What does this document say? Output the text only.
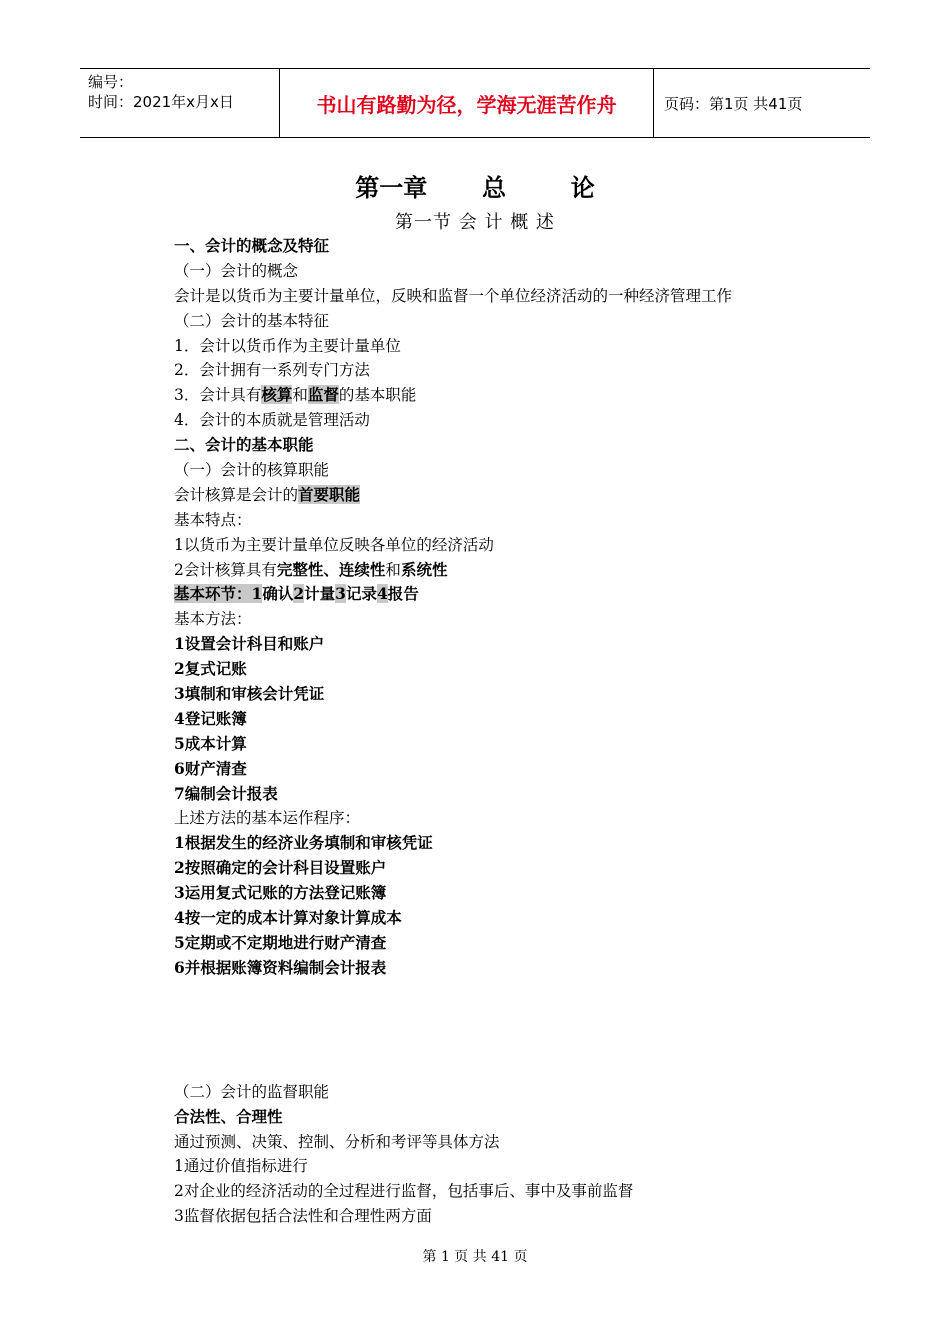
编号：
时间：2021年x月x日	书山有路勤为径，学海无涯苦作舟	页码：第1页 共41页
第一章 总	论
第一节 会 计 概 述
一、会计的概念及特征
（一）会计的概念
会计是以货币为主要计量单位，反映和监督一个单位经济活动的一种经济管理工作
（二）会计的基本特征
1．会计以货币作为主要计量单位
2．会计拥有一系列专门方法
3．会计具有核算和监督的基本职能
4．会计的本质就是管理活动
二、会计的基本职能
（一）会计的核算职能
会计核算是会计的首要职能
基本特点：
1以货币为主要计量单位反映各单位的经济活动
2会计核算具有完整性、连续性和系统性
基本环节：1确认2计量3记录4报告
基本方法：
1设置会计科目和账户
2复式记账
3填制和审核会计凭证
4登记账簿
5成本计算
6财产清查
7编制会计报表
上述方法的基本运作程序：
1根据发生的经济业务填制和审核凭证
2按照确定的会计科目设置账户
3运用复式记账的方法登记账簿
4按一定的成本计算对象计算成本
5定期或不定期地进行财产清查
6并根据账簿资料编制会计报表
（二）会计的监督职能
合法性、合理性
通过预测、决策、控制、分析和考评等具体方法
1通过价值指标进行
2对企业的经济活动的全过程进行监督，包括事后、事中及事前监督
3监督依据包括合法性和合理性两方面
第 1 页 共 41 页
